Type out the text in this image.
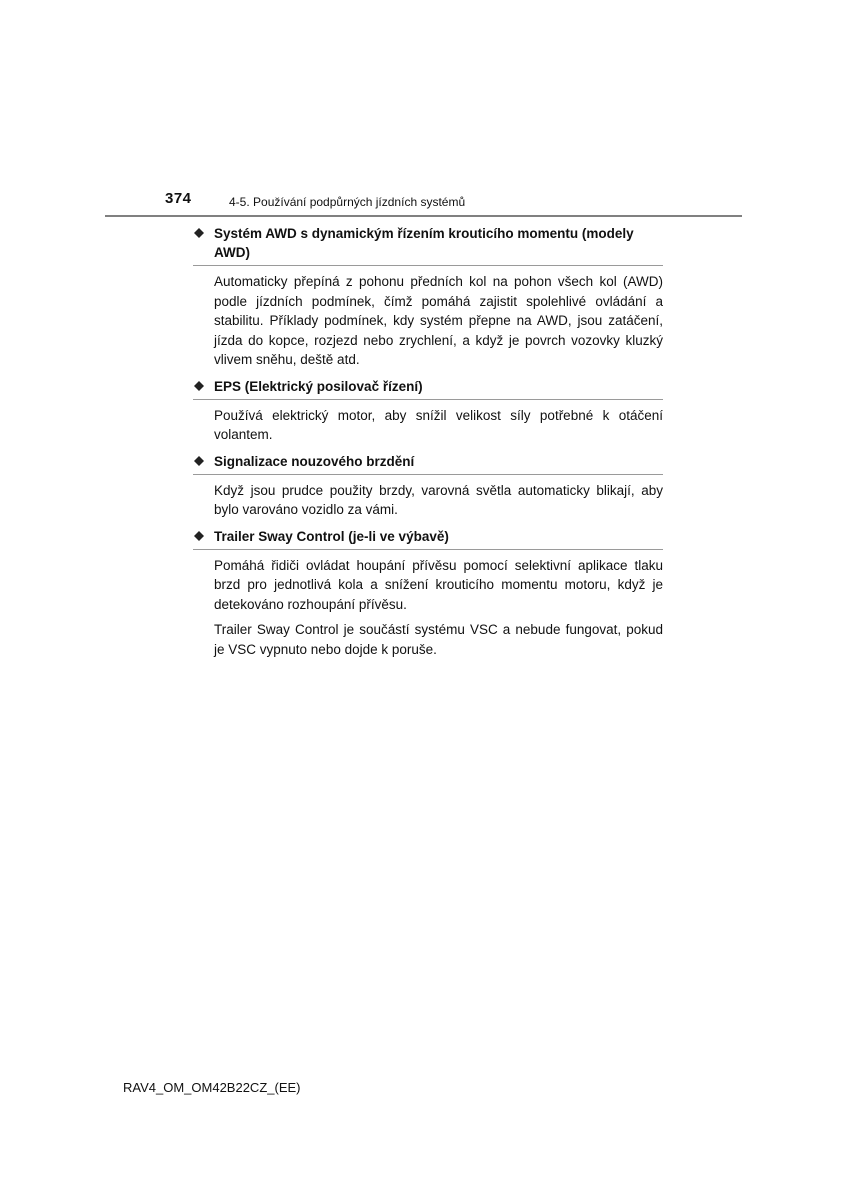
374	4-5. Používání podpůrných jízdních systémů
Systém AWD s dynamickým řízením krouticího momentu (modely AWD)

Automaticky přepíná z pohonu předních kol na pohon všech kol (AWD) podle jízdních podmínek, čímž pomáhá zajistit spolehlivé ovládání a stabilitu. Příklady podmínek, kdy systém přepne na AWD, jsou zatáčení, jízda do kopce, rozjezd nebo zrychlení, a když je povrch vozovky kluzký vlivem sněhu, deště atd.

EPS (Elektrický posilovač řízení)

Používá elektrický motor, aby snížil velikost síly potřebné k otáčení volantem.

Signalizace nouzového brzdění

Když jsou prudce použity brzdy, varovná světla automaticky blikají, aby bylo varováno vozidlo za vámi.

Trailer Sway Control (je-li ve výbavě)

Pomáhá řidiči ovládat houpání přívěsu pomocí selektivní aplikace tlaku brzd pro jednotlivá kola a snížení krouticího momentu motoru, když je detekováno rozhoupání přívěsu.

Trailer Sway Control je součástí systému VSC a nebude fungovat, pokud je VSC vypnuto nebo dojde k poruše.

RAV4_OM_OM42B22CZ_(EE)
